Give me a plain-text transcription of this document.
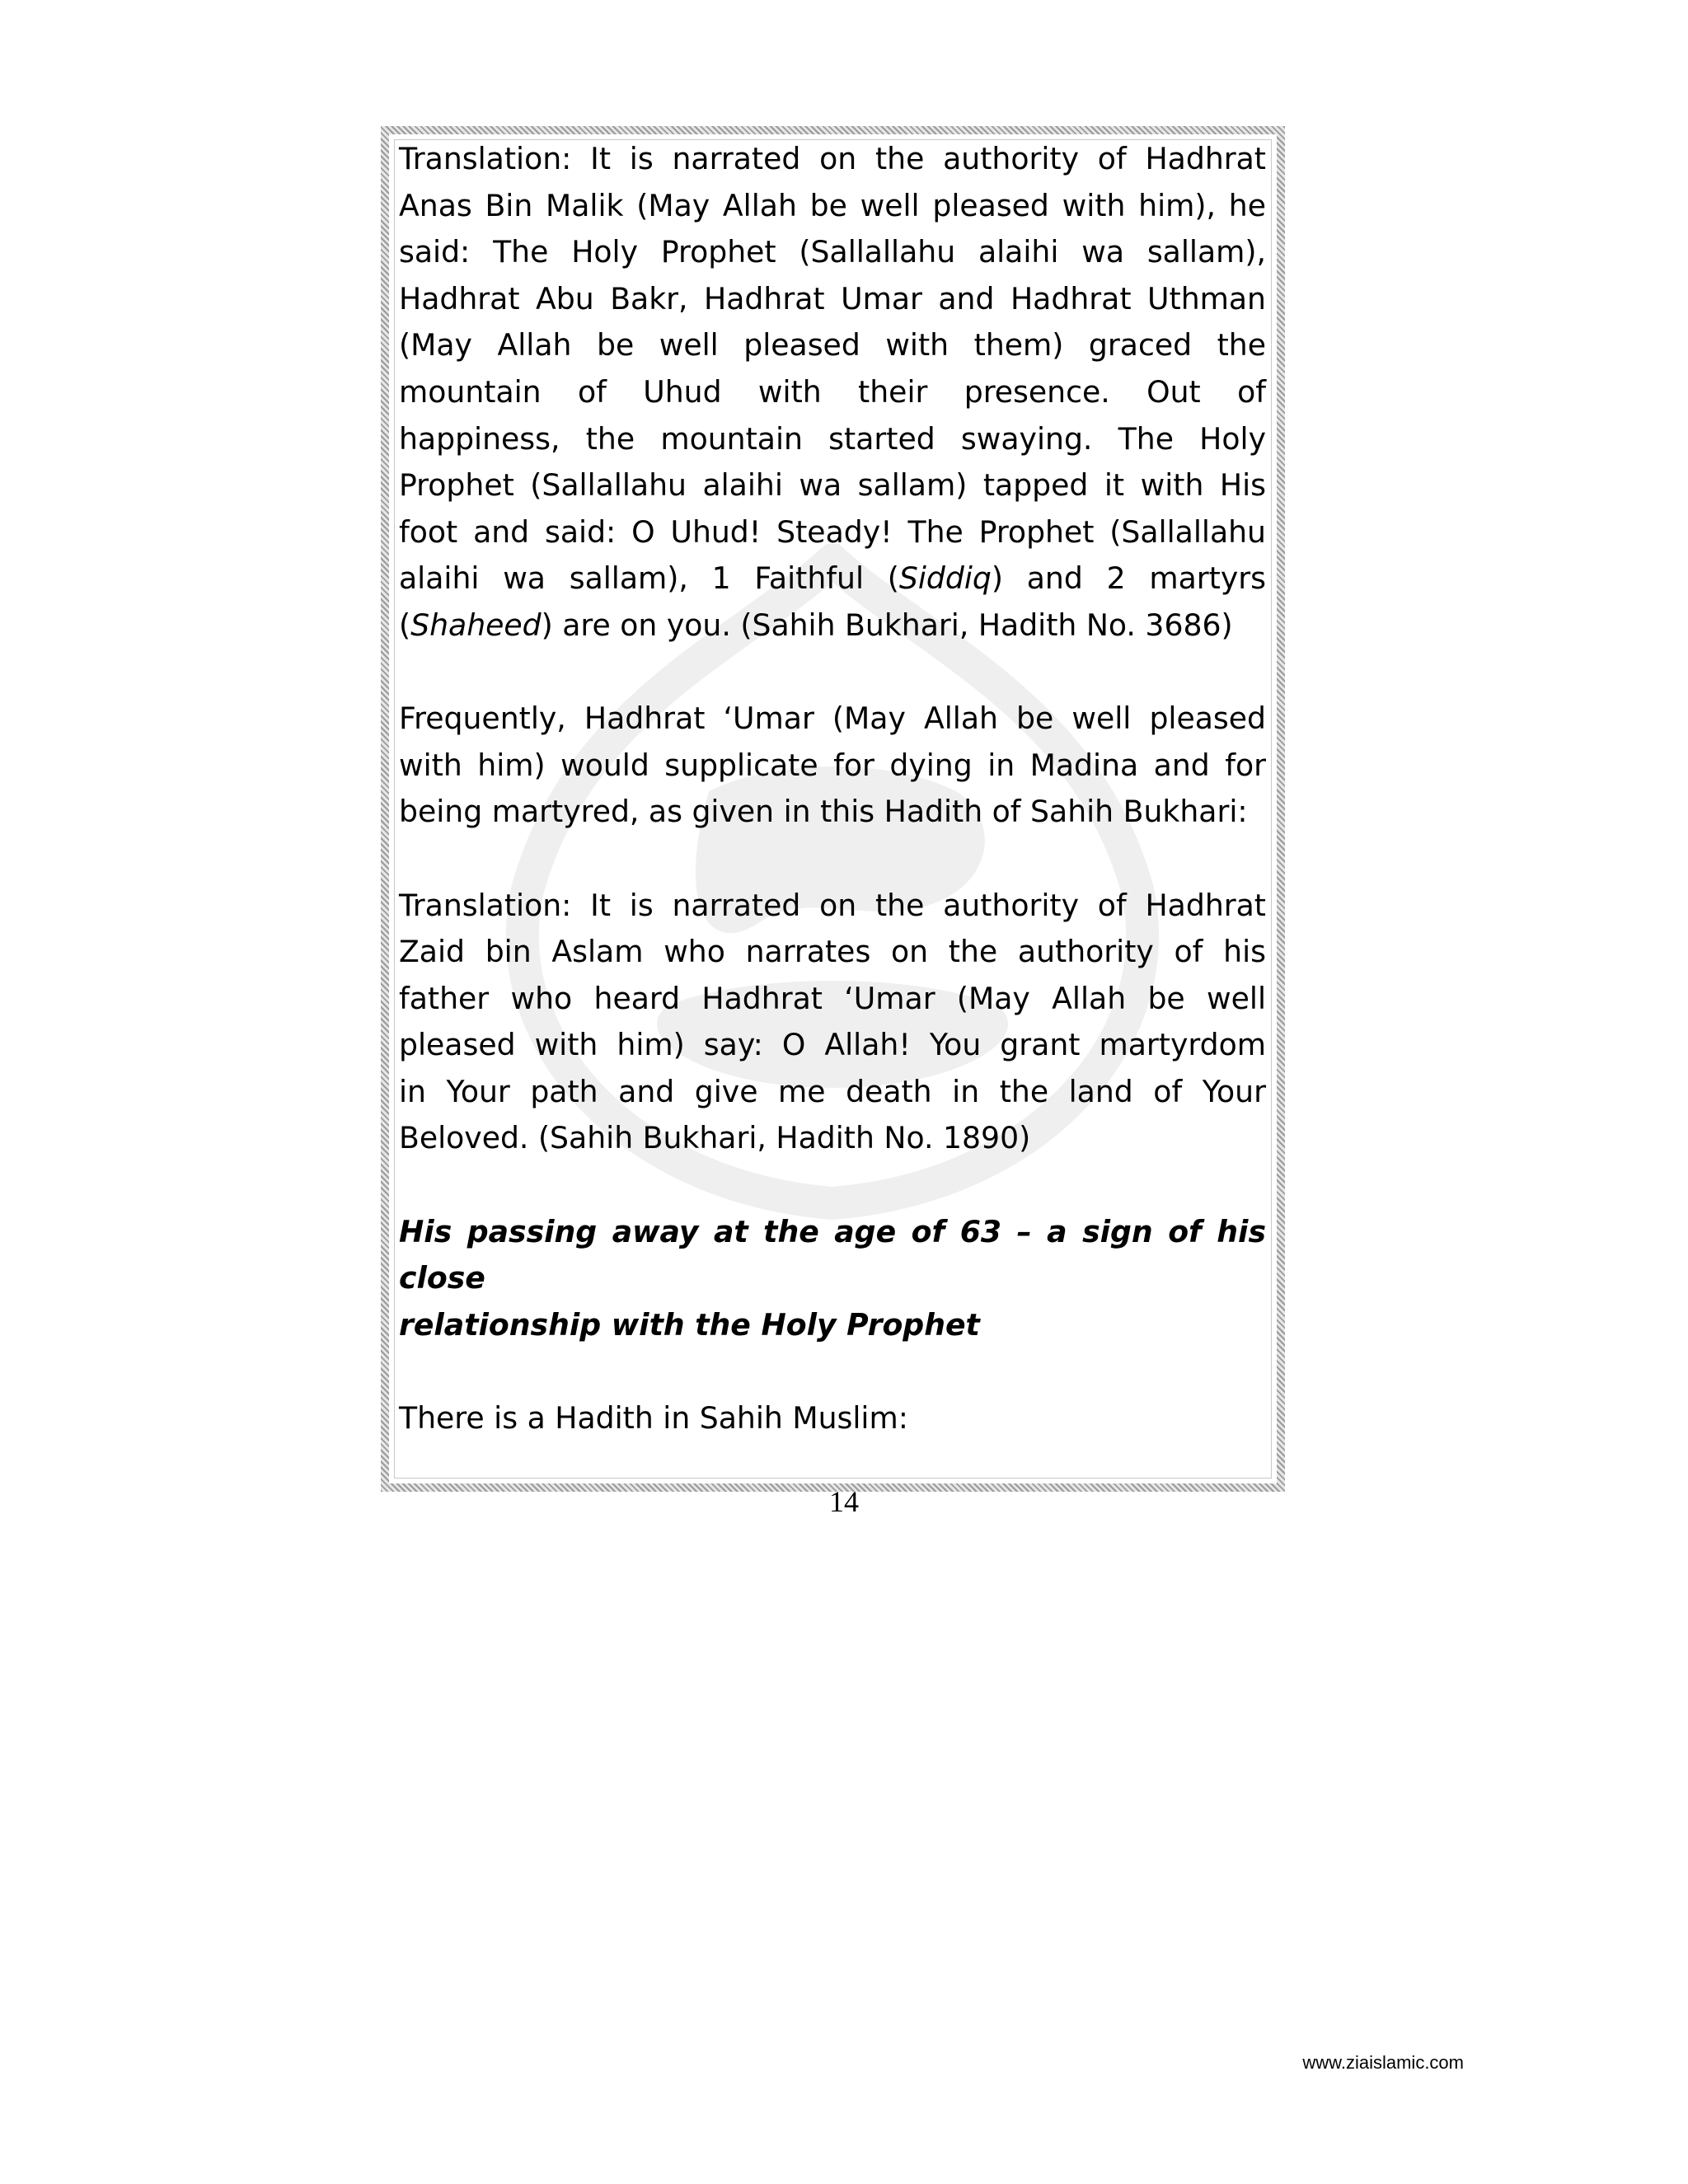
Translation: It is narrated on the authority of Hadhrat

Anas Bin Malik (May Allah be well pleased with him), he

said: The Holy Prophet (Sallallahu alaihi wa sallam),

Hadhrat Abu Bakr, Hadhrat Umar and Hadhrat Uthman

(May Allah be well pleased with them) graced the

mountain of Uhud with their presence. Out of

happiness, the mountain started swaying. The Holy

Prophet (Sallallahu alaihi wa sallam) tapped it with His

foot and said: O Uhud! Steady! The Prophet (Sallallahu

alaihi wa sallam), 1 Faithful (Siddiq) and 2 martyrs

(Shaheed) are on you. (Sahih Bukhari, Hadith No. 3686)

Frequently, Hadhrat ‘Umar (May Allah be well pleased

with him) would supplicate for dying in Madina and for

being martyred, as given in this Hadith of Sahih Bukhari:

Translation: It is narrated on the authority of Hadhrat

Zaid bin Aslam who narrates on the authority of his

father who heard Hadhrat ‘Umar (May Allah be well

pleased with him) say: O Allah! You grant martyrdom

in Your path and give me death in the land of Your

Beloved. (Sahih Bukhari, Hadith No. 1890)

His passing away at the age of 63 – a sign of his close

relationship with the Holy Prophet

There is a Hadith in Sahih Muslim:

14
www.ziaislamic.com
